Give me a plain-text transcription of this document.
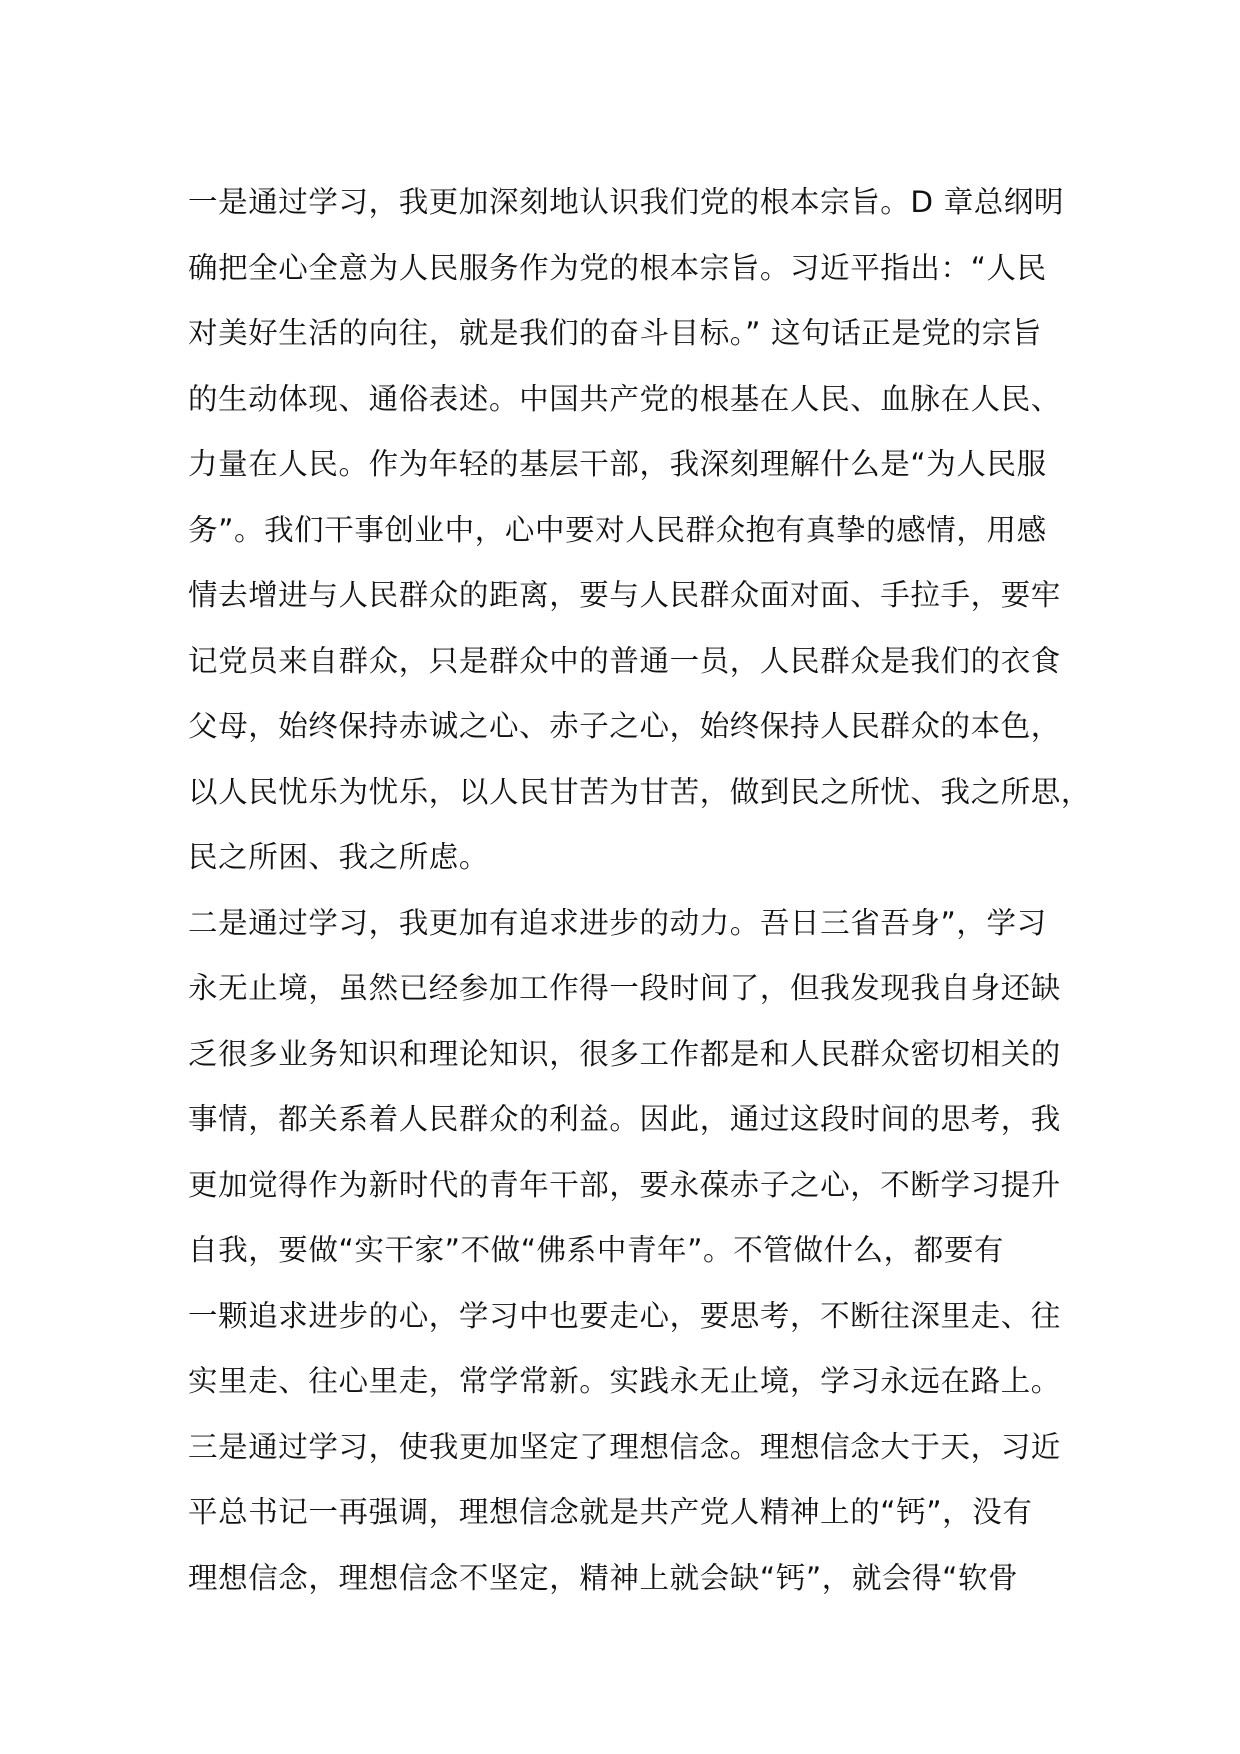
一是通过学习，我更加深刻地认识我们党的根本宗旨。D 章总纲明
确把全心全意为人民服务作为党的根本宗旨。习近平指出：“人民
对美好生活的向往，就是我们的奋斗目标。” 这句话正是党的宗旨
的生动体现、通俗表述。中国共产党的根基在人民、血脉在人民、
力量在人民。作为年轻的基层干部，我深刻理解什么是“为人民服
务”。我们干事创业中，心中要对人民群众抱有真挚的感情，用感
情去增进与人民群众的距离，要与人民群众面对面、手拉手，要牢
记党员来自群众，只是群众中的普通一员，人民群众是我们的衣食
父母，始终保持赤诚之心、赤子之心，始终保持人民群众的本色，
以人民忧乐为忧乐，以人民甘苦为甘苦，做到民之所忧、我之所思，
民之所困、我之所虑。
二是通过学习，我更加有追求进步的动力。吾日三省吾身”，学习
永无止境，虽然已经参加工作得一段时间了，但我发现我自身还缺
乏很多业务知识和理论知识，很多工作都是和人民群众密切相关的
事情，都关系着人民群众的利益。因此，通过这段时间的思考，我
更加觉得作为新时代的青年干部，要永葆赤子之心，不断学习提升
自我，要做“实干家”不做“佛系中青年”。不管做什么，都要有
一颗追求进步的心，学习中也要走心，要思考，不断往深里走、往
实里走、往心里走，常学常新。实践永无止境，学习永远在路上。
三是通过学习，使我更加坚定了理想信念。理想信念大于天，习近
平总书记一再强调，理想信念就是共产党人精神上的“钙”，没有
理想信念，理想信念不坚定，精神上就会缺“钙”，就会得“软骨
